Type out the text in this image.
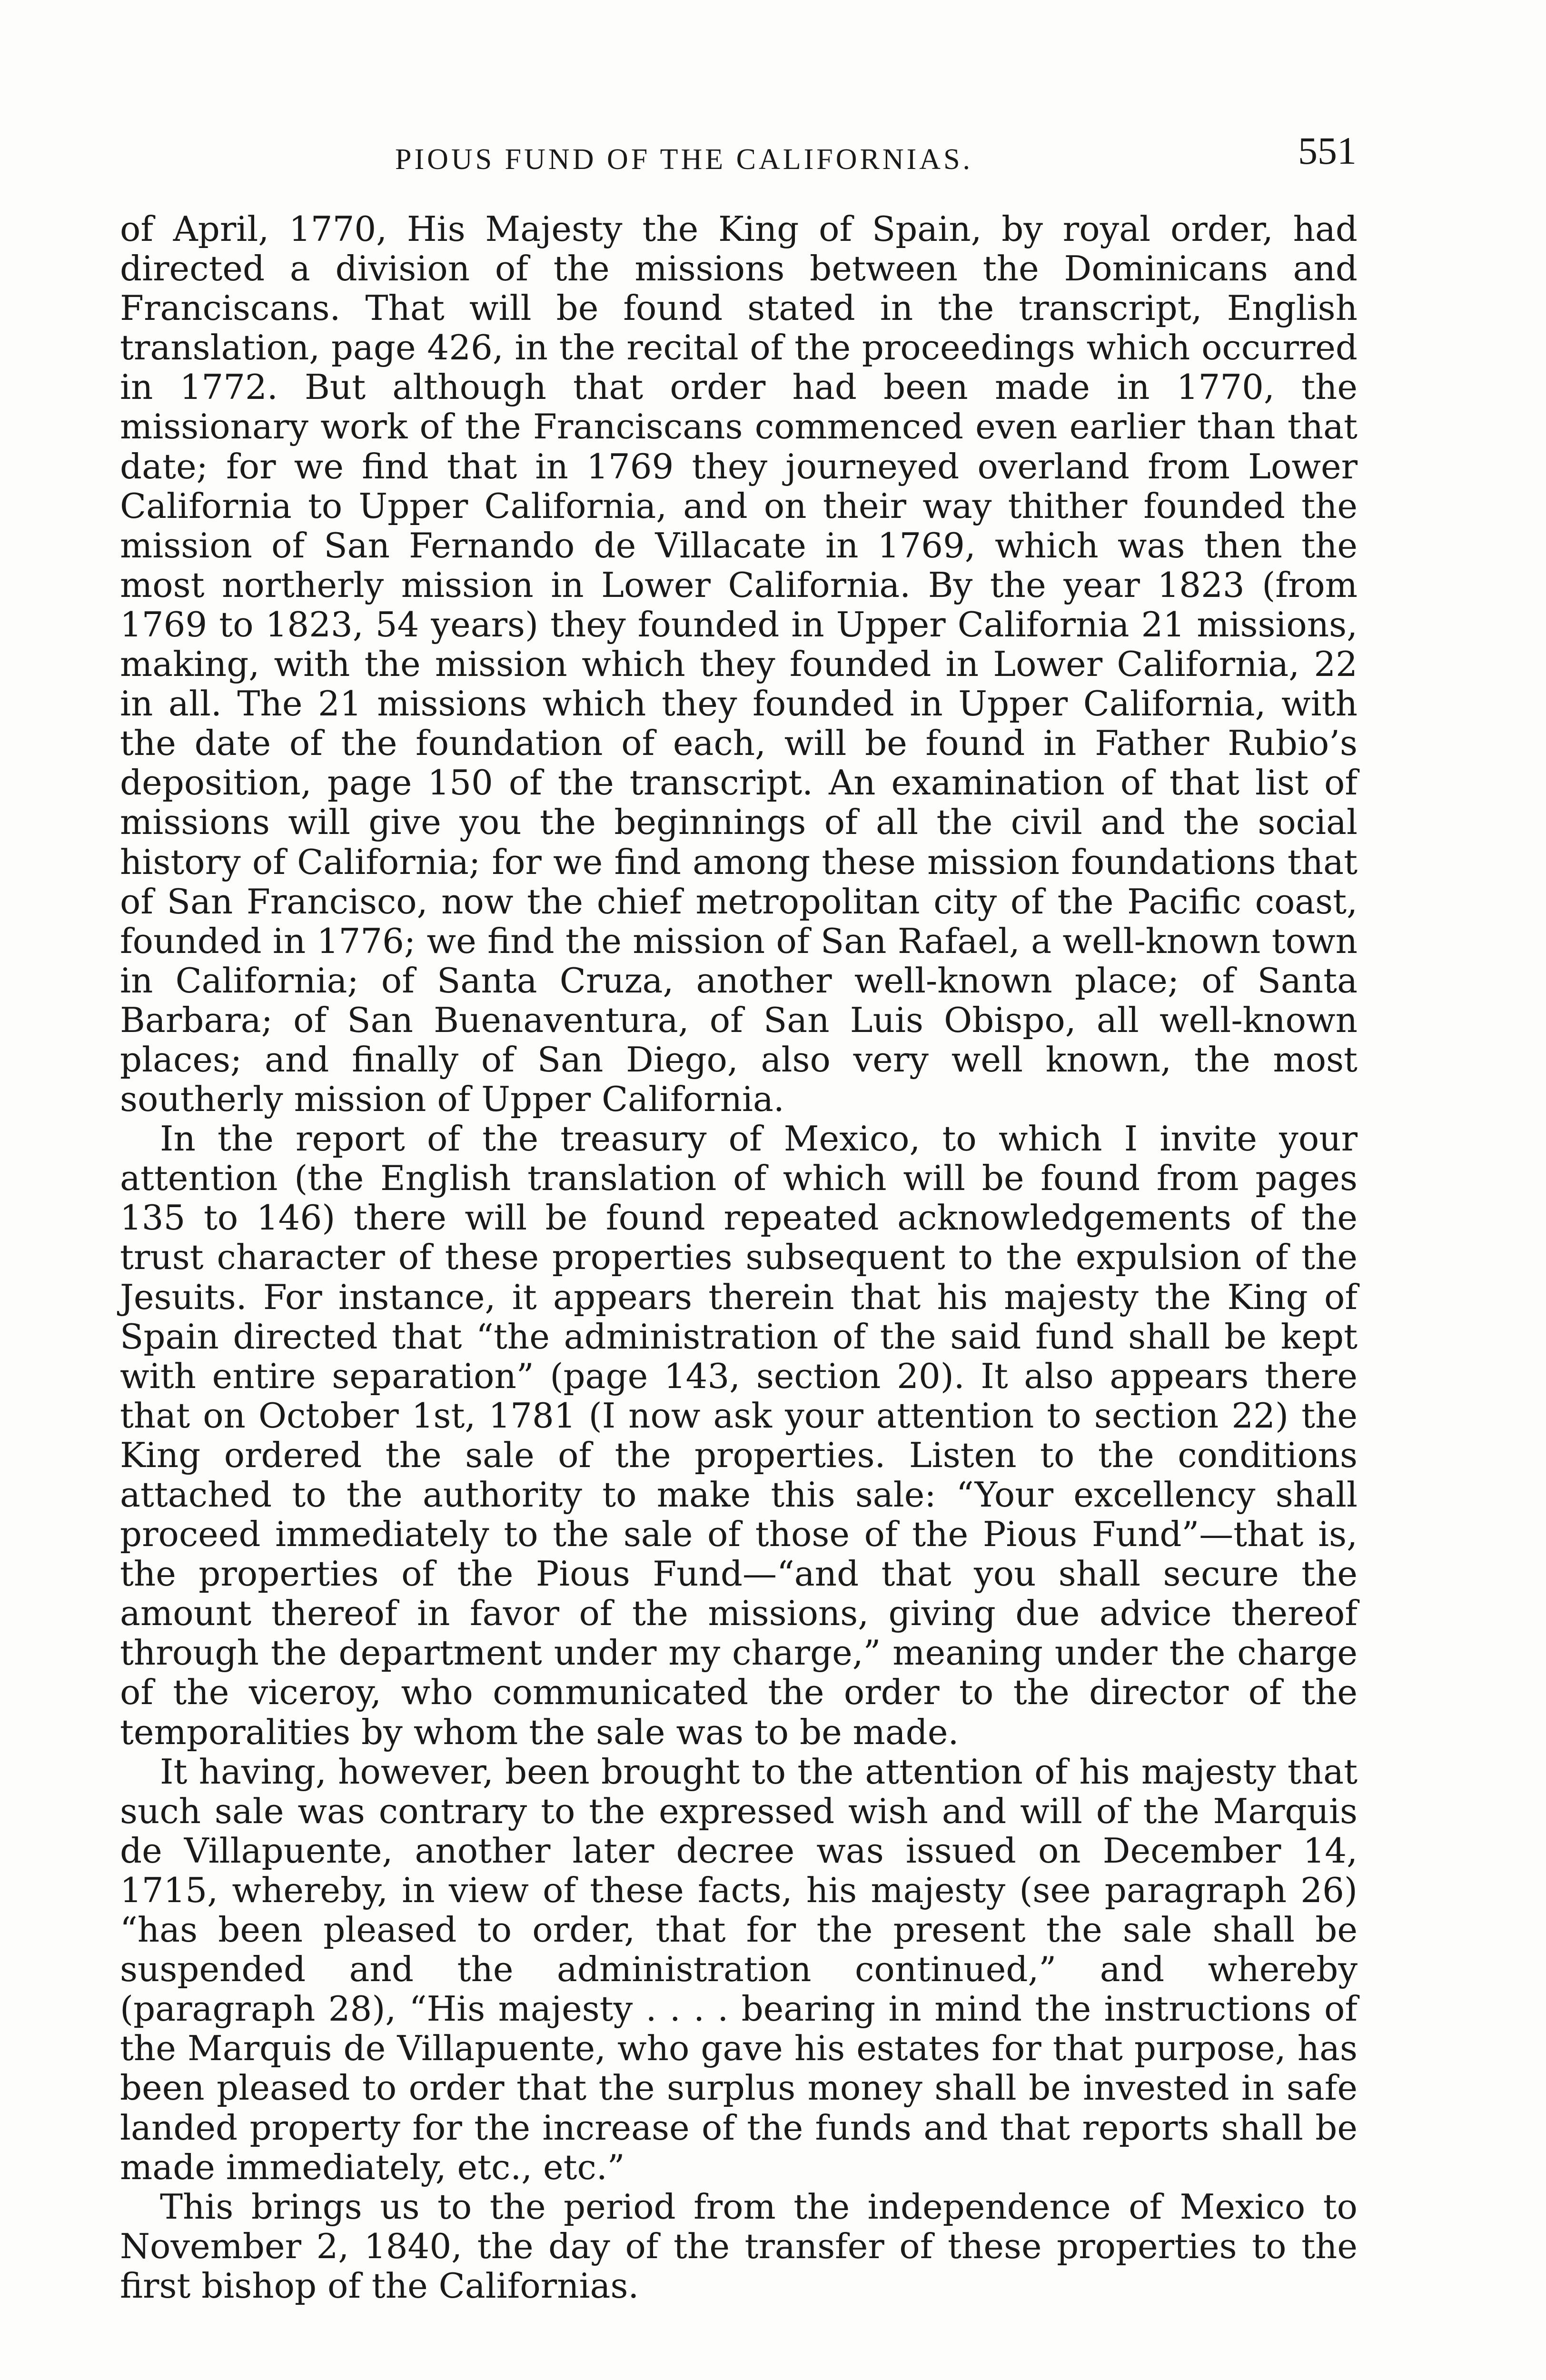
PIOUS FUND OF THE CALIFORNIAS.	551

of April, 1770, His Majesty the King of Spain, by royal order, had directed a division of the missions between the Dominicans and Franciscans. That will be found stated in the transcript, English translation, page 426, in the recital of the proceedings which occurred in 1772. But although that order had been made in 1770, the missionary work of the Franciscans commenced even earlier than that date; for we find that in 1769 they journeyed overland from Lower California to Upper California, and on their way thither founded the mission of San Fernando de Villacate in 1769, which was then the most northerly mission in Lower California. By the year 1823 (from 1769 to 1823, 54 years) they founded in Upper California 21 missions, making, with the mission which they founded in Lower California, 22 in all. The 21 missions which they founded in Upper California, with the date of the foundation of each, will be found in Father Rubio’s deposition, page 150 of the transcript. An examination of that list of missions will give you the beginnings of all the civil and the social history of California; for we find among these mission foundations that of San Francisco, now the chief metropolitan city of the Pacific coast, founded in 1776; we find the mission of San Rafael, a well-known town in California; of Santa Cruza, another well-known place; of Santa Barbara; of San Buenaventura, of San Luis Obispo, all well-known places; and finally of San Diego, also very well known, the most southerly mission of Upper California.

In the report of the treasury of Mexico, to which I invite your attention (the English translation of which will be found from pages 135 to 146) there will be found repeated acknowledgements of the trust character of these properties subsequent to the expulsion of the Jesuits. For instance, it appears therein that his majesty the King of Spain directed that “the administration of the said fund shall be kept with entire separation” (page 143, section 20). It also appears there that on October 1st, 1781 (I now ask your attention to section 22) the King ordered the sale of the properties. Listen to the conditions attached to the authority to make this sale: “Your excellency shall proceed immediately to the sale of those of the Pious Fund”—that is, the properties of the Pious Fund—“and that you shall secure the amount thereof in favor of the missions, giving due advice thereof through the department under my charge,” meaning under the charge of the viceroy, who communicated the order to the director of the temporalities by whom the sale was to be made.

It having, however, been brought to the attention of his majesty that such sale was contrary to the expressed wish and will of the Marquis de Villapuente, another later decree was issued on December 14, 1715, whereby, in view of these facts, his majesty (see paragraph 26) “has been pleased to order, that for the present the sale shall be suspended and the administration continued,” and whereby (paragraph 28), “His majesty . . . . bearing in mind the instructions of the Marquis de Villapuente, who gave his estates for that purpose, has been pleased to order that the surplus money shall be invested in safe landed property for the increase of the funds and that reports shall be made immediately, etc., etc.”

This brings us to the period from the independence of Mexico to November 2, 1840, the day of the transfer of these properties to the first bishop of the Californias.
